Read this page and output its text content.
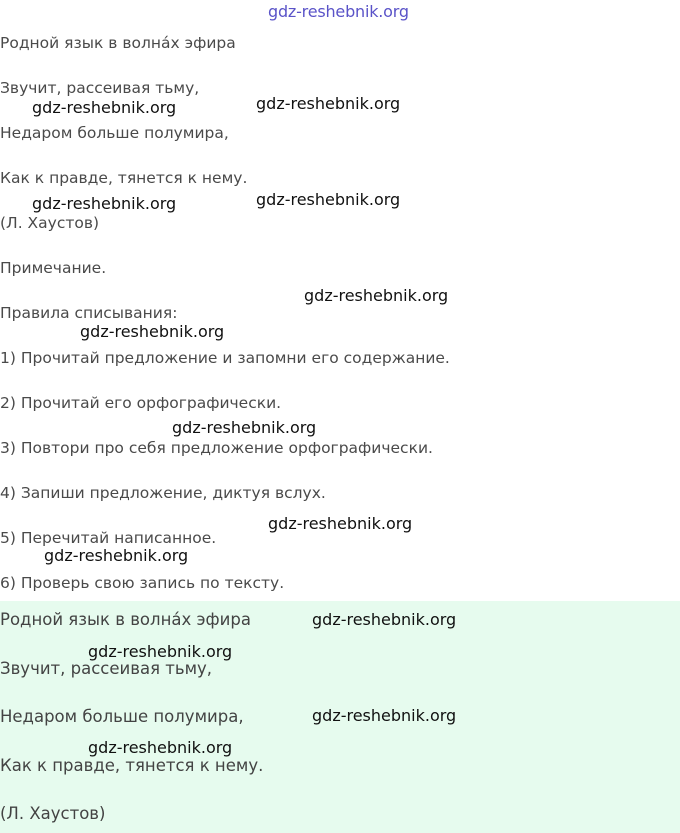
gdz-reshebnik.org

Родной язык в волна́х эфира

Звучит, рассеивая тьму,

Недаром больше полумира,

Как к правде, тянется к нему.

(Л. Хаустов)

Примечание.

Правила списывания:

1) Прочитай предложение и запомни его содержание.

2) Прочитай его орфографически.

3) Повтори про себя предложение орфографически.

4) Запиши предложение, диктуя вслух.

5) Перечитай написанное.

6) Проверь свою запись по тексту.

Родной язык в волна́х эфира

Звучит, рассеивая тьму,

Недаром больше полумира,

Как к правде, тянется к нему.

(Л. Хаустов)

gdz-reshebnik.org	gdz-reshebnik.org
gdz-reshebnik.org	gdz-reshebnik.org
gdz-reshebnik.org
gdz-reshebnik.org
gdz-reshebnik.org
gdz-reshebnik.org
gdz-reshebnik.org
gdz-reshebnik.org
gdz-reshebnik.org
gdz-reshebnik.org
gdz-reshebnik.org
